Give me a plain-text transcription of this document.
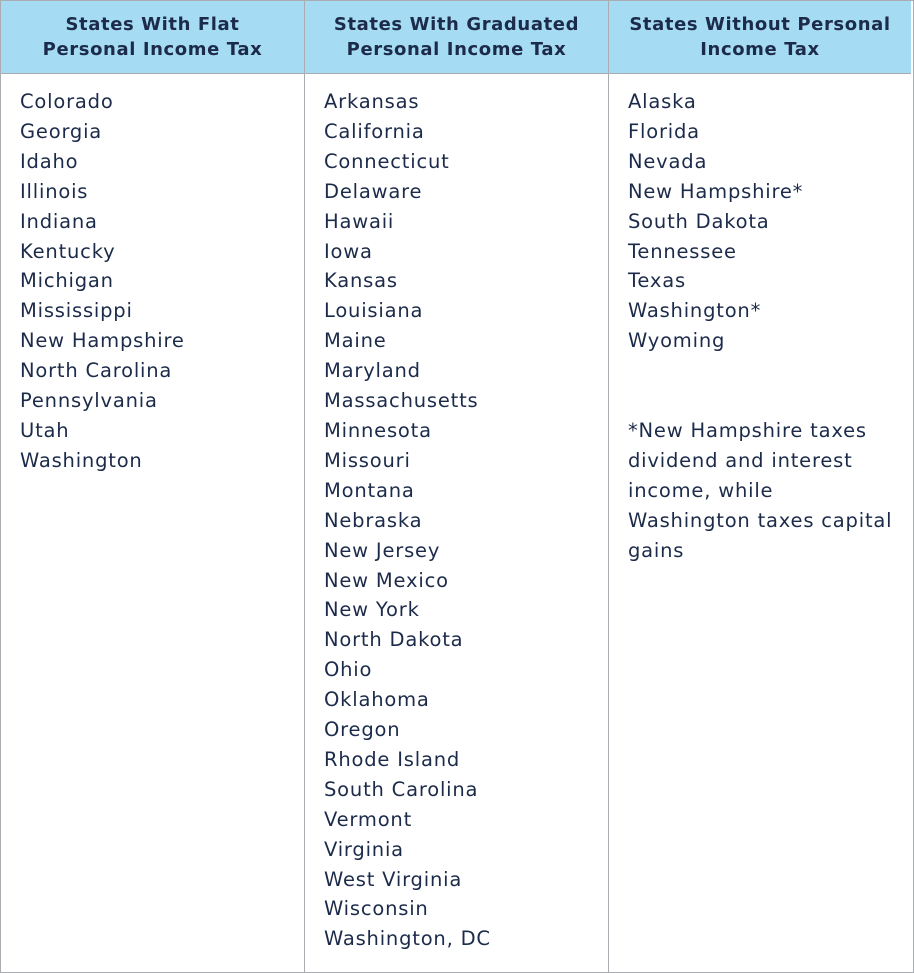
States With Flat
Personal Income Tax
States With Graduated
Personal Income Tax
States Without Personal
Income Tax
Colorado
Georgia
Idaho
Illinois
Indiana
Kentucky
Michigan
Mississippi
New Hampshire
North Carolina
Pennsylvania
Utah
Washington
Arkansas
California
Connecticut
Delaware
Hawaii
Iowa
Kansas
Louisiana
Maine
Maryland
Massachusetts
Minnesota
Missouri
Montana
Nebraska
New Jersey
New Mexico
New York
North Dakota
Ohio
Oklahoma
Oregon
Rhode Island
South Carolina
Vermont
Virginia
West Virginia
Wisconsin
Washington, DC
Alaska
Florida
Nevada
New Hampshire*
South Dakota
Tennessee
Texas
Washington*
Wyoming
*New Hampshire taxes dividend and interest income, while Washington taxes capital gains
